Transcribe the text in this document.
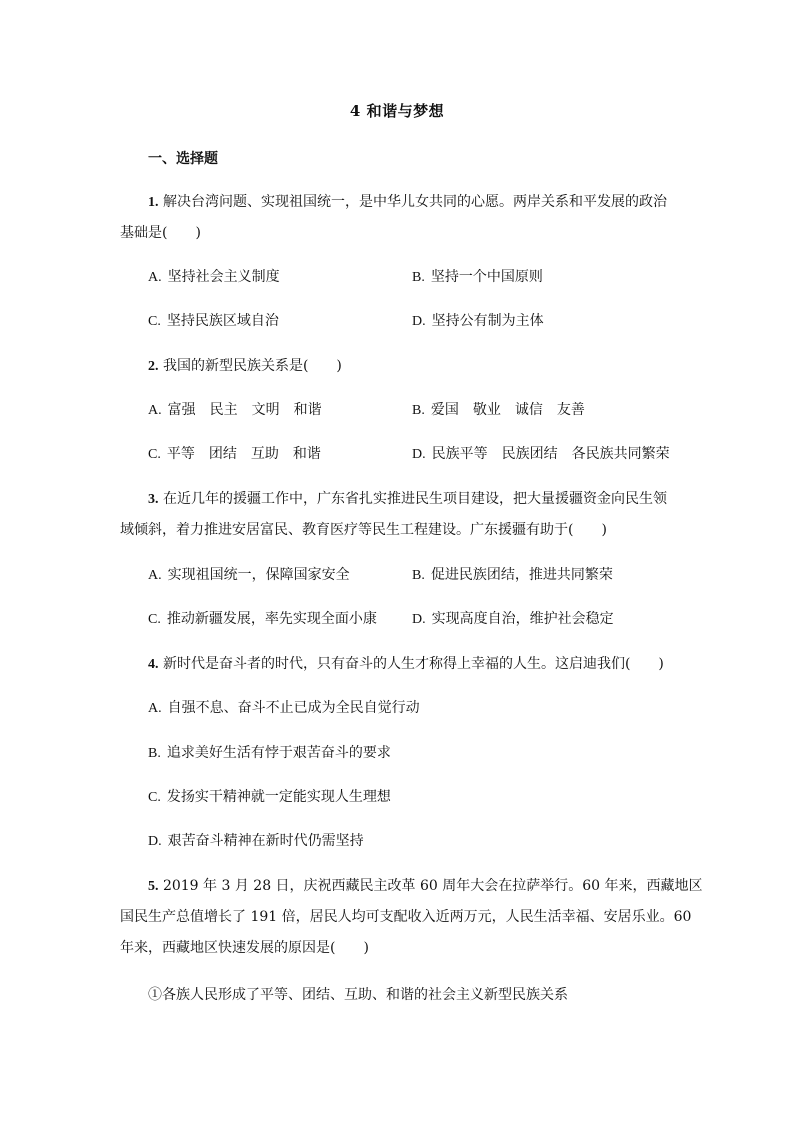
4 和谐与梦想
一、选择题
1. 解决台湾问题、实现祖国统一，是中华儿女共同的心愿。两岸关系和平发展的政治
基础是(　　)
A. 坚持社会主义制度	B. 坚持一个中国原则
C. 坚持民族区域自治	D. 坚持公有制为主体
2. 我国的新型民族关系是(　　)
A. 富强　民主　文明　和谐	B. 爱国　敬业　诚信　友善
C. 平等　团结　互助　和谐	D. 民族平等　民族团结　各民族共同繁荣
3. 在近几年的援疆工作中，广东省扎实推进民生项目建设，把大量援疆资金向民生领
域倾斜，着力推进安居富民、教育医疗等民生工程建设。广东援疆有助于(　　)
A. 实现祖国统一，保障国家安全	B. 促进民族团结，推进共同繁荣
C. 推动新疆发展，率先实现全面小康	D. 实现高度自治，维护社会稳定
4. 新时代是奋斗者的时代，只有奋斗的人生才称得上幸福的人生。这启迪我们(　　)
A. 自强不息、奋斗不止已成为全民自觉行动
B. 追求美好生活有悖于艰苦奋斗的要求
C. 发扬实干精神就一定能实现人生理想
D. 艰苦奋斗精神在新时代仍需坚持
5. 2019 年 3 月 28 日，庆祝西藏民主改革 60 周年大会在拉萨举行。60 年来，西藏地区
国民生产总值增长了 191 倍，居民人均可支配收入近两万元，人民生活幸福、安居乐业。60
年来，西藏地区快速发展的原因是(　　)
①各族人民形成了平等、团结、互助、和谐的社会主义新型民族关系
